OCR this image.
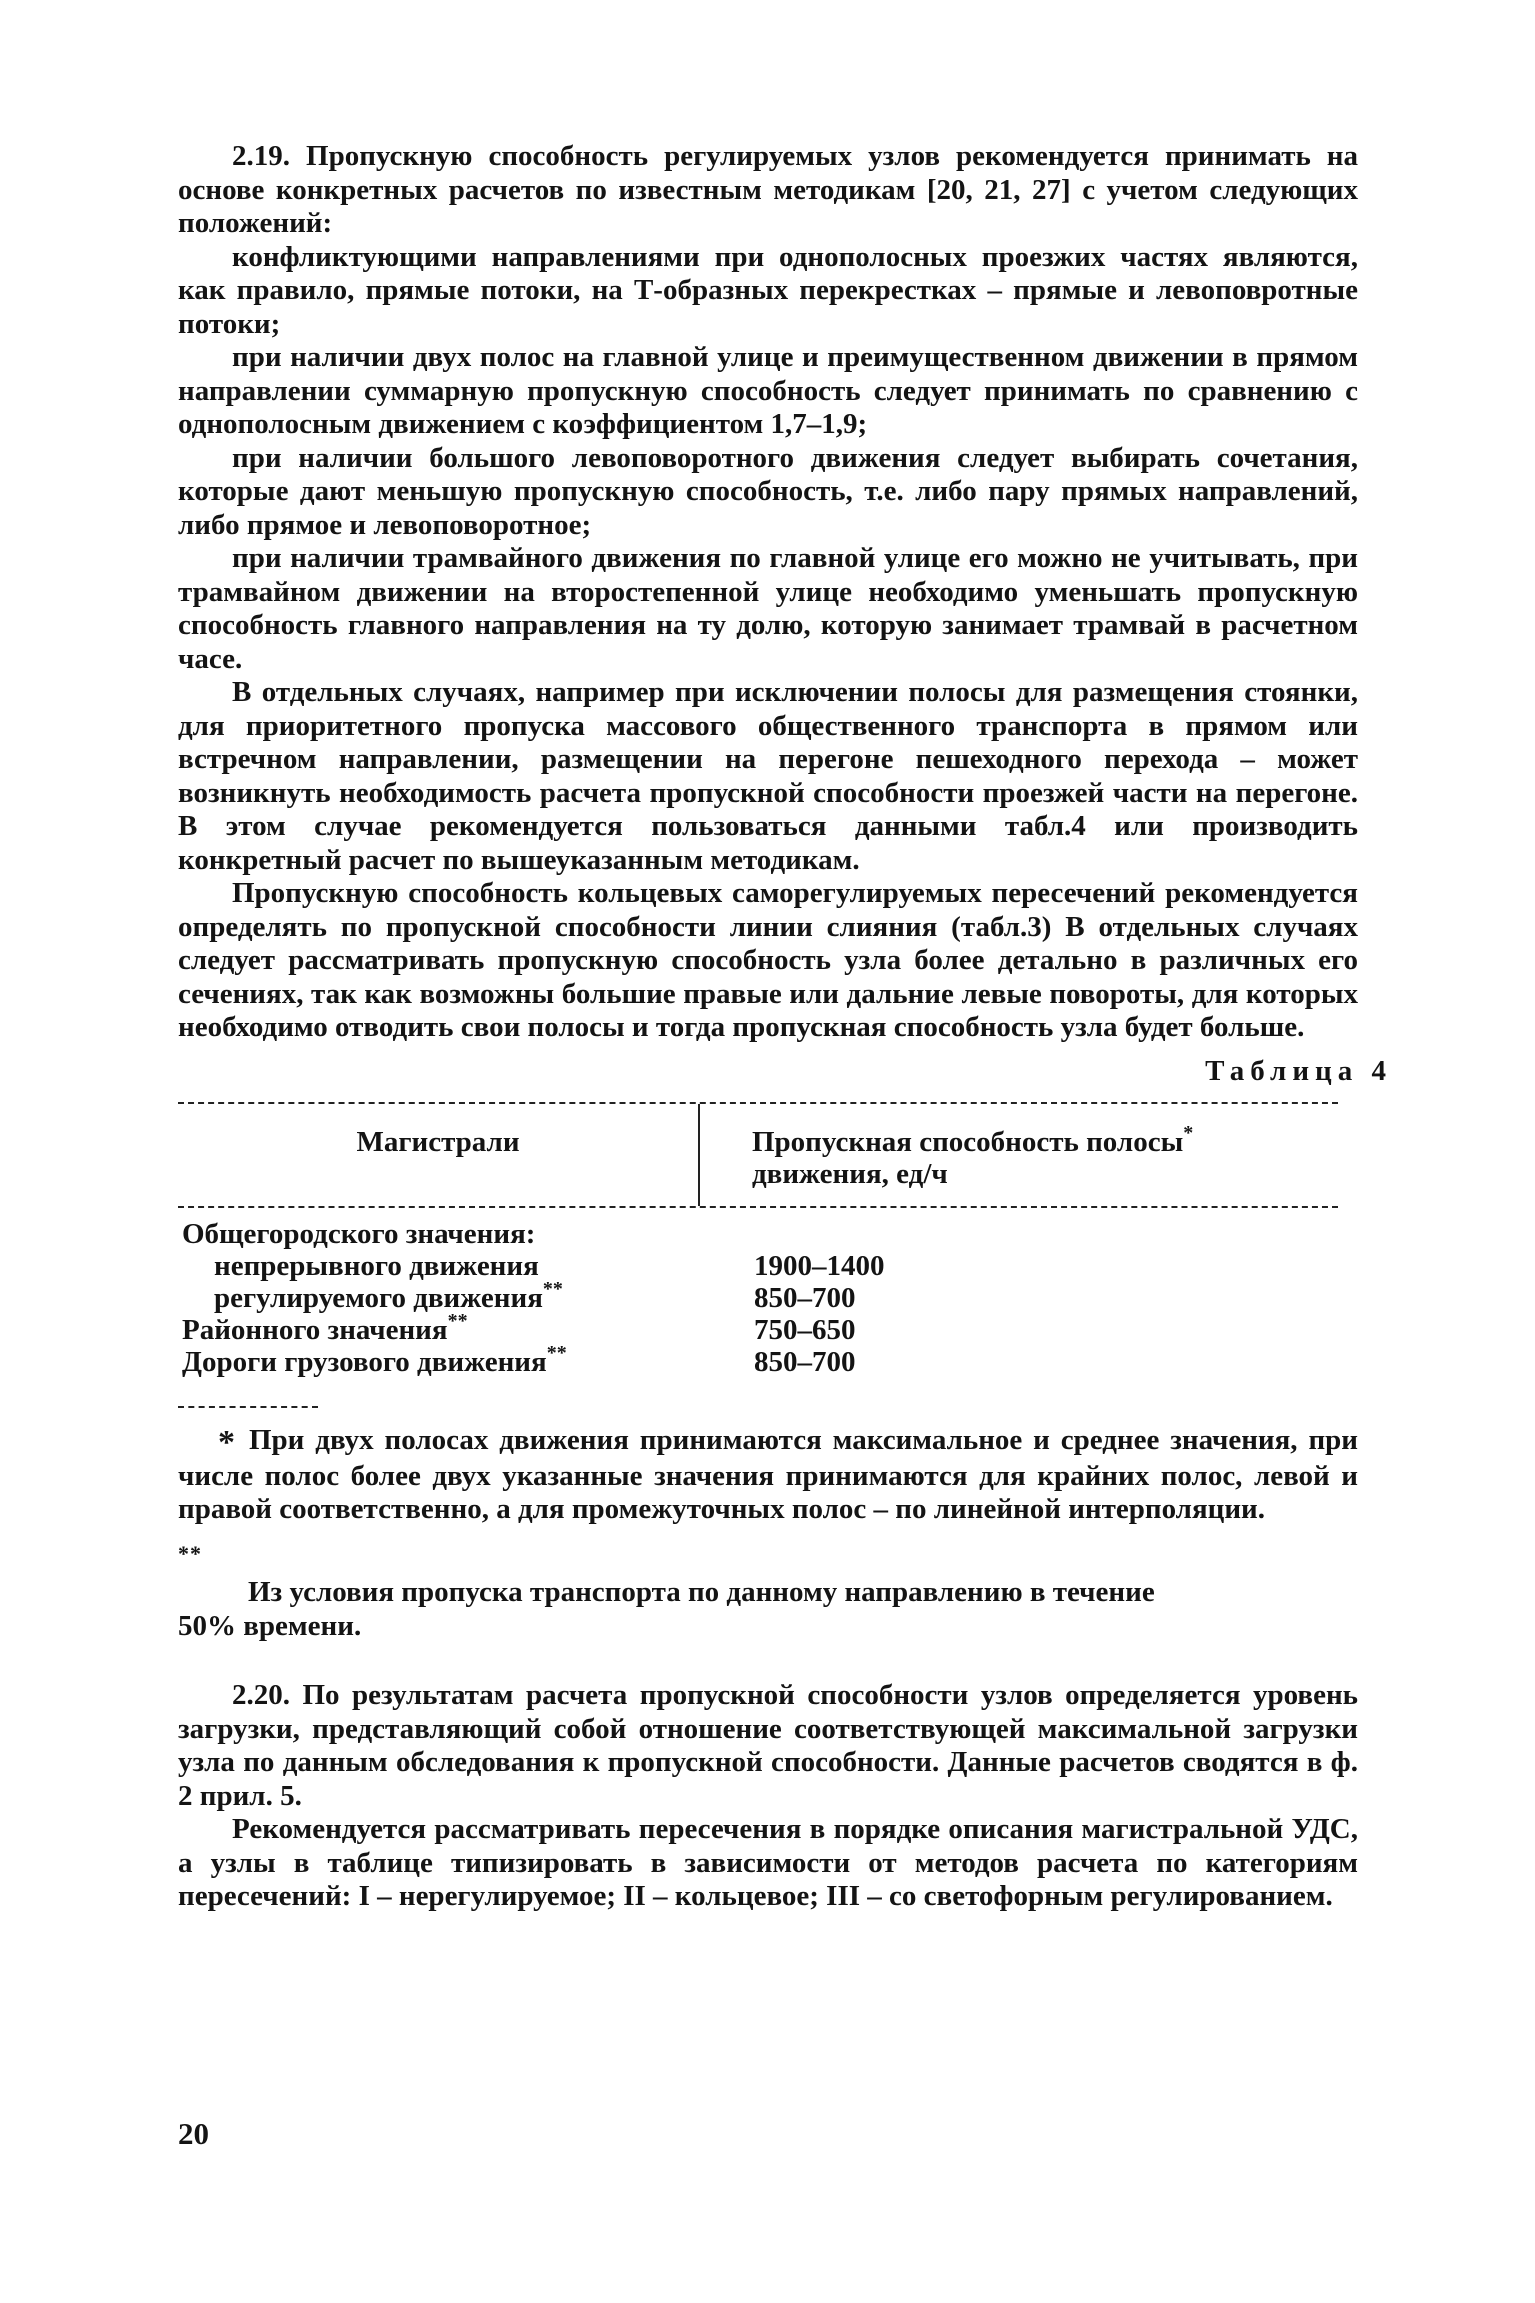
2.19. Пропускную способность регулируемых узлов рекомендуется принимать на основе конкретных расчетов по известным методикам [20, 21, 27] с учетом следующих положений:

конфликтующими направлениями при однополосных проезжих частях являются, как правило, прямые потоки, на Т-образных перекрестках – прямые и левоповротные потоки;

при наличии двух полос на главной улице и преимущественном движении в прямом направлении суммарную пропускную способность следует принимать по сравнению с однополосным движением с коэффициентом 1,7–1,9;

при наличии большого левоповоротного движения следует выбирать сочетания, которые дают меньшую пропускную способность, т.е. либо пару прямых направлений, либо прямое и левоповоротное;

при наличии трамвайного движения по главной улице его можно не учитывать, при трамвайном движении на второстепенной улице необходимо уменьшать пропускную способность главного направления на ту долю, которую занимает трамвай в расчетном часе.

В отдельных случаях, например при исключении полосы для размещения стоянки, для приоритетного пропуска массового общественного транспорта в прямом или встречном направлении, размещении на перегоне пешеходного перехода – может возникнуть необходимость расчета пропускной способности проезжей части на перегоне. В этом случае рекомендуется пользоваться данными табл.4 или производить конкретный расчет по вышеуказанным методикам.

Пропускную способность кольцевых саморегулируемых пересечений рекомендуется определять по пропускной способности линии слияния (табл.3) В отдельных случаях следует рассматривать пропускную способность узла более детально в различных его сечениях, так как возможны большие правые или дальние левые повороты, для которых необходимо отводить свои полосы и тогда пропускная способность узла будет больше.

Таблица 4
Магистрали	Пропускная способность полосы*
движения, ед/ч
Общегородского значения:
непрерывного движения	1900–1400
регулируемого движения**	850–700
Районного значения**	750–650
Дороги грузового движения**	850–700

* При двух полосах движения принимаются максимальное и среднее значения, при числе полос более двух указанные значения принимаются для крайних полос, левой и правой соответственно, а для промежуточных полос – по линейной интерполяции.

**

Из условия пропуска транспорта по данному направлению в течение

50% времени.

2.20. По результатам расчета пропускной способности узлов определяется уровень загрузки, представляющий собой отношение соответствующей максимальной загрузки узла по данным обследования к пропускной способности. Данные расчетов сводятся в ф. 2 прил. 5.

Рекомендуется рассматривать пересечения в порядке описания магистральной УДС, а узлы в таблице типизировать в зависимости от методов расчета по категориям пересечений: I – нерегулируемое; II – кольцевое; III – со светофорным регулированием.

20
